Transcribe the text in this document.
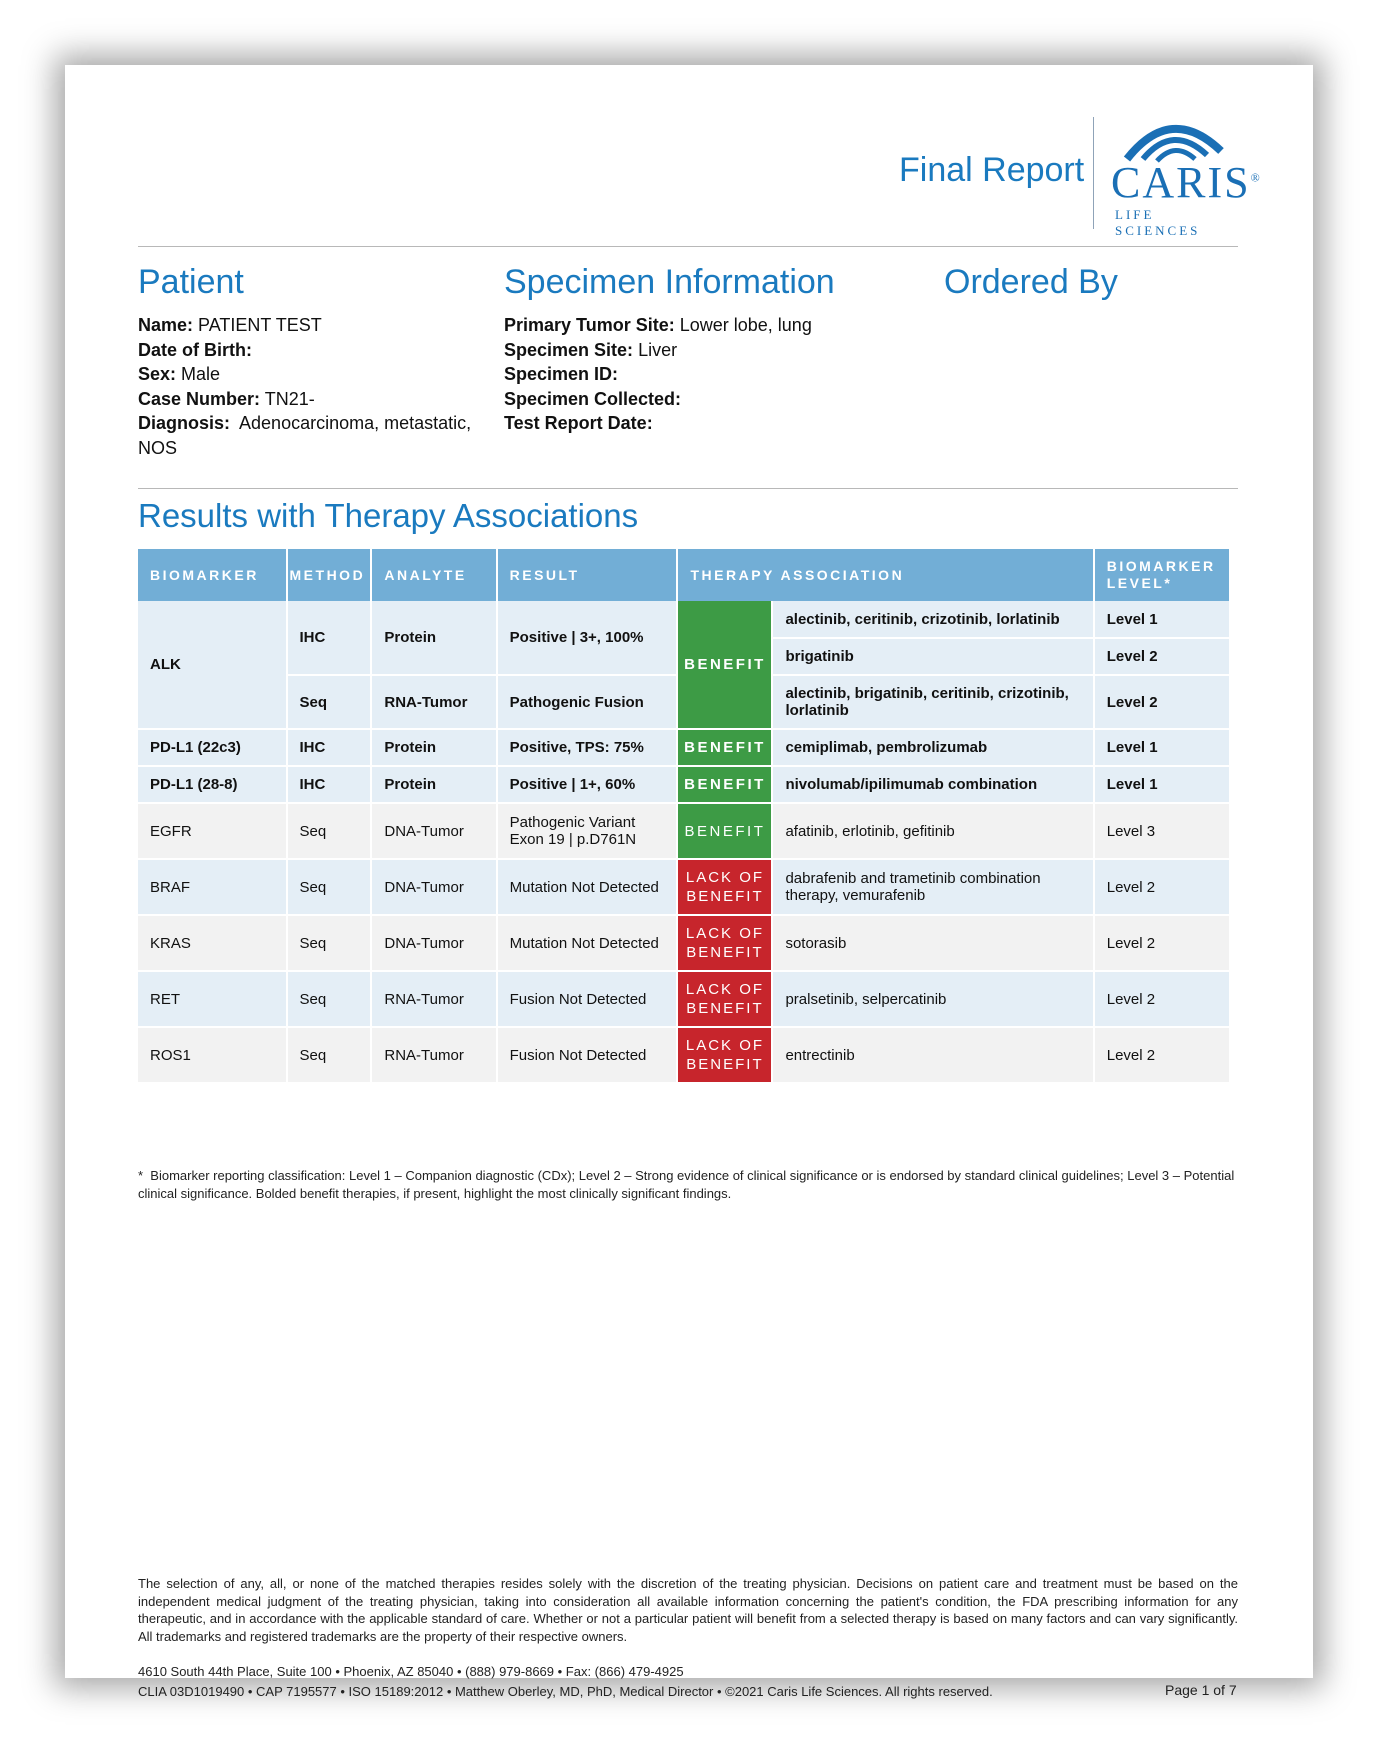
Final Report CARIS®
LIFE SCIENCES
Patient
Name: PATIENT TEST
Date of Birth:
Sex: Male
Case Number: TN21-
Diagnosis: Adenocarcinoma, metastatic, NOS
Specimen Information
Primary Tumor Site: Lower lobe, lung
Specimen Site: Liver
Specimen ID:
Specimen Collected:
Test Report Date:
Ordered By
Results with Therapy Associations
BIOMARKER	METHOD	ANALYTE	RESULT	THERAPY ASSOCIATION		BIOMARKER LEVEL*
ALK	IHC	Protein	Positive | 3+, 100%	BENEFIT	alectinib, ceritinib, crizotinib, lorlatinib	Level 1
					brigatinib	Level 2
	Seq	RNA-Tumor	Pathogenic Fusion		alectinib, brigatinib, ceritinib, crizotinib, lorlatinib	Level 2
PD-L1 (22c3)	IHC	Protein	Positive, TPS: 75%	BENEFIT	cemiplimab, pembrolizumab	Level 1
PD-L1 (28-8)	IHC	Protein	Positive | 1+, 60%	BENEFIT	nivolumab/ipilimumab combination	Level 1
EGFR	Seq	DNA-Tumor	Pathogenic Variant Exon 19 | p.D761N	BENEFIT	afatinib, erlotinib, gefitinib	Level 3
BRAF	Seq	DNA-Tumor	Mutation Not Detected	LACK OF BENEFIT	dabrafenib and trametinib combination therapy, vemurafenib	Level 2
KRAS	Seq	DNA-Tumor	Mutation Not Detected	LACK OF BENEFIT	sotorasib	Level 2
RET	Seq	RNA-Tumor	Fusion Not Detected	LACK OF BENEFIT	pralsetinib, selpercatinib	Level 2
ROS1	Seq	RNA-Tumor	Fusion Not Detected	LACK OF BENEFIT	entrectinib	Level 2
* Biomarker reporting classification: Level 1 – Companion diagnostic (CDx); Level 2 – Strong evidence of clinical significance or is endorsed by standard clinical guidelines; Level 3 – Potential clinical significance. Bolded benefit therapies, if present, highlight the most clinically significant findings.
The selection of any, all, or none of the matched therapies resides solely with the discretion of the treating physician. Decisions on patient care and treatment must be based on the independent medical judgment of the treating physician, taking into consideration all available information concerning the patient's condition, the FDA prescribing information for any therapeutic, and in accordance with the applicable standard of care. Whether or not a particular patient will benefit from a selected therapy is based on many factors and can vary significantly. All trademarks and registered trademarks are the property of their respective owners.
4610 South 44th Place, Suite 100 • Phoenix, AZ 85040 • (888) 979-8669 • Fax: (866) 479-4925
CLIA 03D1019490 • CAP 7195577 • ISO 15189:2012 • Matthew Oberley, MD, PhD, Medical Director • ©2021 Caris Life Sciences. All rights reserved.	Page 1 of 7
